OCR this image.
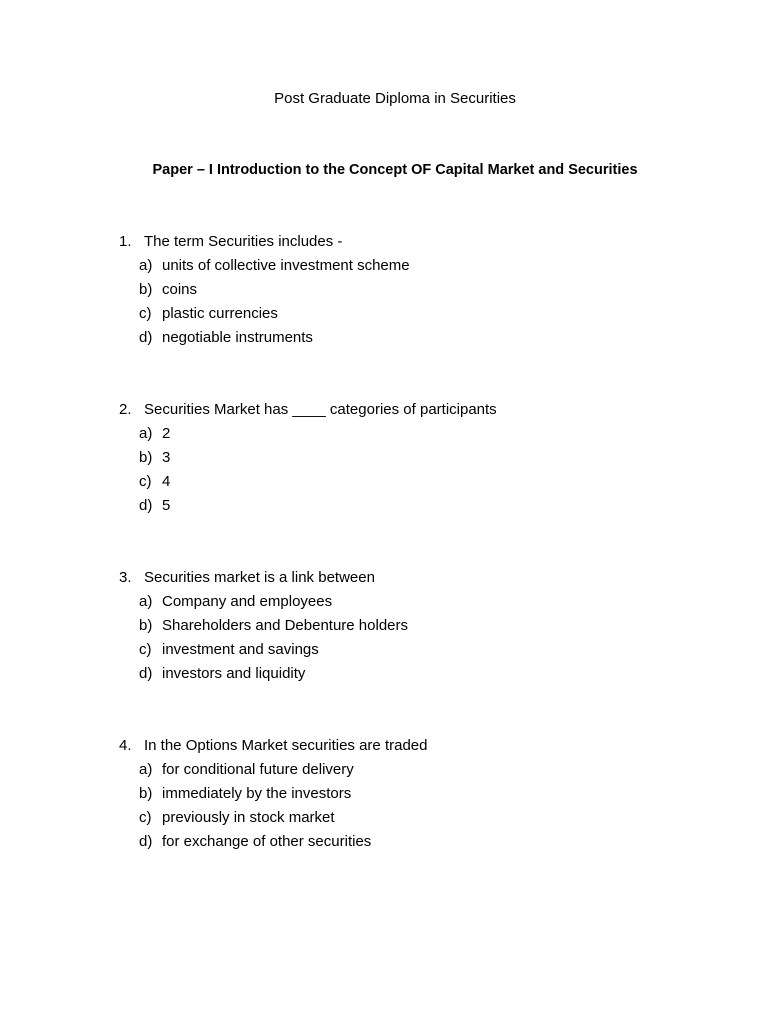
Post Graduate Diploma in Securities
Paper – I Introduction to the Concept OF Capital Market and Securities
1. The term Securities includes -
a) units of collective investment scheme
b) coins
c) plastic currencies
d) negotiable instruments
2. Securities Market has ____ categories of participants
a) 2
b) 3
c) 4
d) 5
3. Securities market is a link between
a) Company and employees
b) Shareholders and Debenture holders
c) investment and savings
d) investors and liquidity
4. In the Options Market securities are traded
a) for conditional future delivery
b) immediately by the investors
c) previously in stock market
d) for exchange of other securities
